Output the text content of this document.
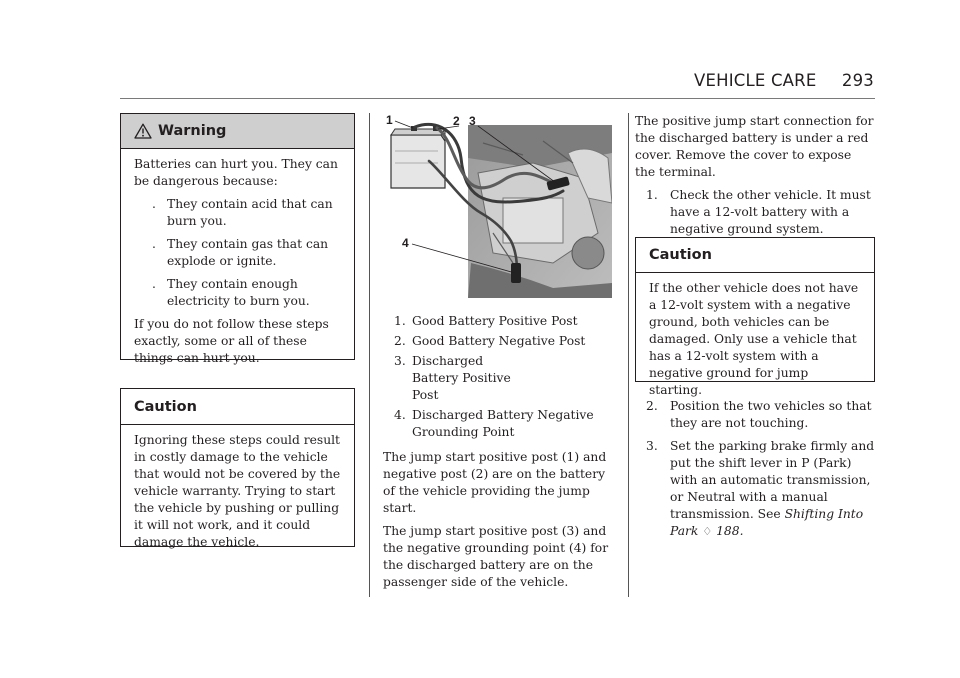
VEHICLE CARE 293
Warning

Batteries can hurt you. They can be dangerous because:

. They contain acid that can burn you.
. They contain gas that can explode or ignite.
. They contain enough electricity to burn you.

If you do not follow these steps exactly, some or all of these things can hurt you.

Caution

Ignoring these steps could result in costly damage to the vehicle that would not be covered by the vehicle warranty. Trying to start the vehicle by pushing or pulling it will not work, and it could damage the vehicle.

1	2 3
4
1. Good Battery Positive Post
2. Good Battery Negative Post
3. Discharged Battery Positive Post
4. Discharged Battery Negative Grounding Point

The jump start positive post (1) and negative post (2) are on the battery of the vehicle providing the jump start.

The jump start positive post (3) and the negative grounding point (4) for the discharged battery are on the passenger side of the vehicle.

The positive jump start connection for the discharged battery is under a red cover. Remove the cover to expose the terminal.

1. Check the other vehicle. It must have a 12-volt battery with a negative ground system.
Caution

If the other vehicle does not have a 12-volt system with a negative ground, both vehicles can be damaged. Only use a vehicle that has a 12-volt system with a negative ground for jump starting.

2. Position the two vehicles so that they are not touching.
3. Set the parking brake firmly and put the shift lever in P (Park) with an automatic transmission, or Neutral with a manual transmission. See Shifting Into Park ♢ 188.
